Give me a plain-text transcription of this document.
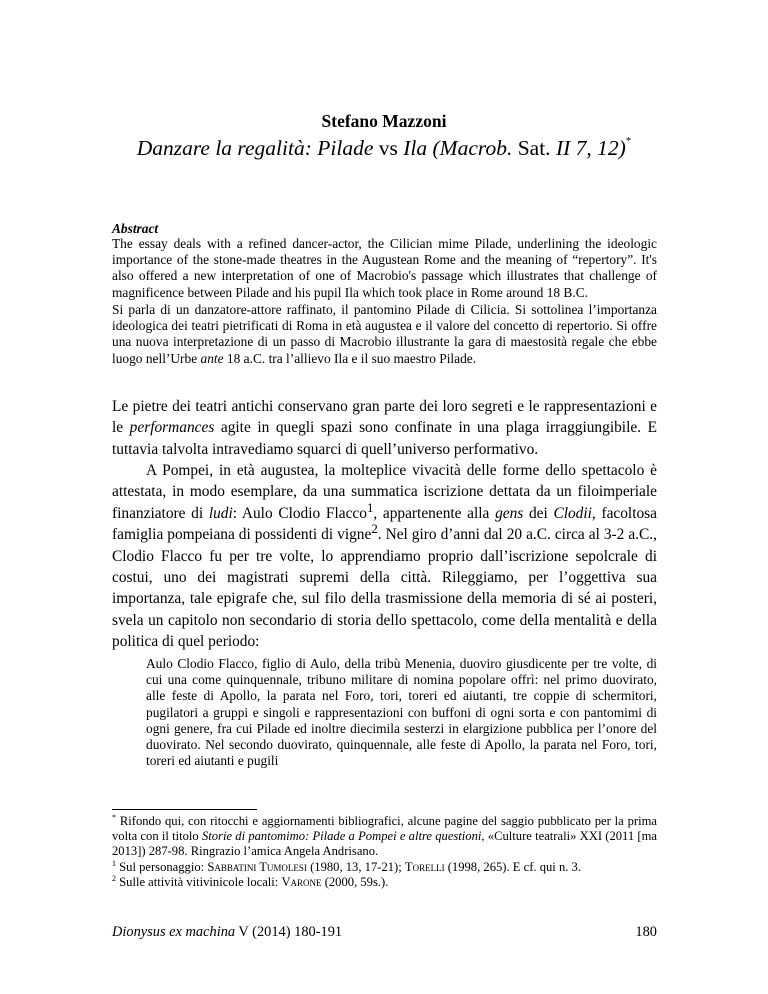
Stefano Mazzoni
Danzare la regalità: Pilade vs Ila (Macrob. Sat. II 7, 12)*
Abstract
The essay deals with a refined dancer-actor, the Cilician mime Pilade, underlining the ideologic importance of the stone-made theatres in the Augustean Rome and the meaning of “repertory”. It's also offered a new interpretation of one of Macrobio's passage which illustrates that challenge of magnificence between Pilade and his pupil Ila which took place in Rome around 18 B.C.
Si parla di un danzatore-attore raffinato, il pantomino Pilade di Cilicia. Si sottolinea l’importanza ideologica dei teatri pietrificati di Roma in età augustea e il valore del concetto di repertorio. Si offre una nuova interpretazione di un passo di Macrobio illustrante la gara di maestosità regale che ebbe luogo nell’Urbe ante 18 a.C. tra l’allievo Ila e il suo maestro Pilade.
Le pietre dei teatri antichi conservano gran parte dei loro segreti e le rappresentazioni e le performances agite in quegli spazi sono confinate in una plaga irraggiungibile. E tuttavia talvolta intravediamo squarci di quell’universo performativo.
A Pompei, in età augustea, la molteplice vivacità delle forme dello spettacolo è attestata, in modo esemplare, da una summatica iscrizione dettata da un filoimperiale finanziatore di ludi: Aulo Clodio Flacco$^1$, appartenente alla gens dei Clodii, facoltosa famiglia pompeiana di possidenti di vigne$^2$. Nel giro d’anni dal 20 a.C. circa al 3-2 a.C., Clodio Flacco fu per tre volte, lo apprendiamo proprio dall’iscrizione sepolcrale di costui, uno dei magistrati supremi della città. Rileggiamo, per l’oggettiva sua importanza, tale epigrafe che, sul filo della trasmissione della memoria di sé ai posteri, svela un capitolo non secondario di storia dello spettacolo, come della mentalità e della politica di quel periodo:
Aulo Clodio Flacco, figlio di Aulo, della tribù Menenia, duoviro giusdicente per tre volte, di cui una come quinquennale, tribuno militare di nomina popolare offrì: nel primo duovirato, alle feste di Apollo, la parata nel Foro, tori, toreri ed aiutanti, tre coppie di schermitori, pugilatori a gruppi e singoli e rappresentazioni con buffoni di ogni sorta e con pantomimi di ogni genere, fra cui Pilade ed inoltre diecimila sesterzi in elargizione pubblica per l’onore del duovirato. Nel secondo duovirato, quinquennale, alle feste di Apollo, la parata nel Foro, tori, toreri ed aiutanti e pugili

* Rifondo qui, con ritocchi e aggiornamenti bibliografici, alcune pagine del saggio pubblicato per la prima volta con il titolo Storie di pantomimo: Pilade a Pompei e altre questioni, «Culture teatrali» XXI (2011 [ma 2013]) 287-98. Ringrazio l’amica Angela Andrisano.

$^1$ Sul personaggio: Sabbatini Tumolesi (1980, 13, 17-21); Torelli (1998, 265). E cf. qui n. 3.

$^2$ Sulle attività vitivinicole locali: Varone (2000, 59s.).

Dionysus ex machina V (2014) 180-191	180
